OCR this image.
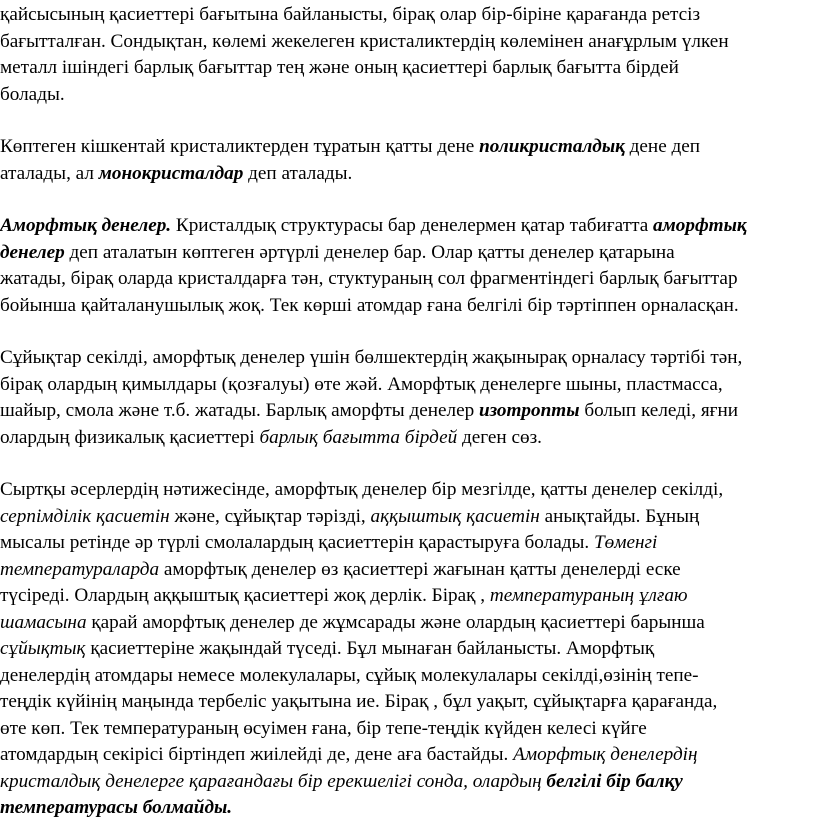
қайсысының қасиеттері бағытына байланысты, бірақ олар бір-біріне қарағанда ретсіз
бағытталған. Сондықтан, көлемі жекелеген кристаликтердің көлемінен анағұрлым үлкен
металл ішіндегі барлық бағыттар тең және оның қасиеттері барлық бағытта бірдей
болады.
Көптеген кішкентай кристаликтерден тұратын қатты дене поликристалдық дене деп
аталады, ал монокристалдар деп аталады.
Аморфтық денелер. Кристалдық структурасы бар денелермен қатар табиғатта аморфтық
денелер деп аталатын көптеген әртүрлі денелер бар. Олар қатты денелер қатарына
жатады, бірақ оларда кристалдарға тән, стуктураның сол фрагментіндегі барлық бағыттар
бойынша қайталанушылық жоқ. Тек көрші атомдар ғана белгілі бір тәртіппен орналасқан.
Сұйықтар секілді, аморфтық денелер үшін бөлшектердің жақынырақ орналасу тәртібі тән,
бірақ олардың қимылдары (қозғалуы) өте жәй. Аморфтық денелерге шыны, пластмасса,
шайыр, смола және т.б. жатады. Барлық аморфты денелер изотропты болып келеді, яғни
олардың физикалық қасиеттері барлық бағытта бірдей деген сөз.
Сыртқы әсерлердің нәтижесінде, аморфтық денелер бір мезгілде, қатты денелер секілді,
серпімділік қасиетін және, сұйықтар тәрізді, аққыштық қасиетін анықтайды. Бұның
мысалы ретінде әр түрлі смолалардың қасиеттерін қарастыруға болады. Төменгі
температураларда аморфтық денелер өз қасиеттері жағынан қатты денелерді еске
түсіреді. Олардың аққыштық қасиеттері жоқ дерлік. Бірақ , температураның ұлғаю
шамасына қарай аморфтық денелер де жұмсарады және олардың қасиеттері барынша
сұйықтық қасиеттеріне жақындай түседі. Бұл мынаған байланысты. Аморфтық
денелердің атомдары немесе молекулалары, сұйық молекулалары секілді,өзінің тепе-
теңдік күйінің маңында тербеліс уақытына ие. Бірақ , бұл уақыт, сұйықтарға қарағанда,
өте көп. Тек температураның өсуімен ғана, бір тепе-теңдік күйден келесі күйге
атомдардың секірісі біртіндеп жиілейді де, дене аға бастайды. Аморфтық денелердің
кристалдық денелерге қарағандағы бір ерекшелігі сонда, олардың белгілі бір балқу
температурасы болмайды.
